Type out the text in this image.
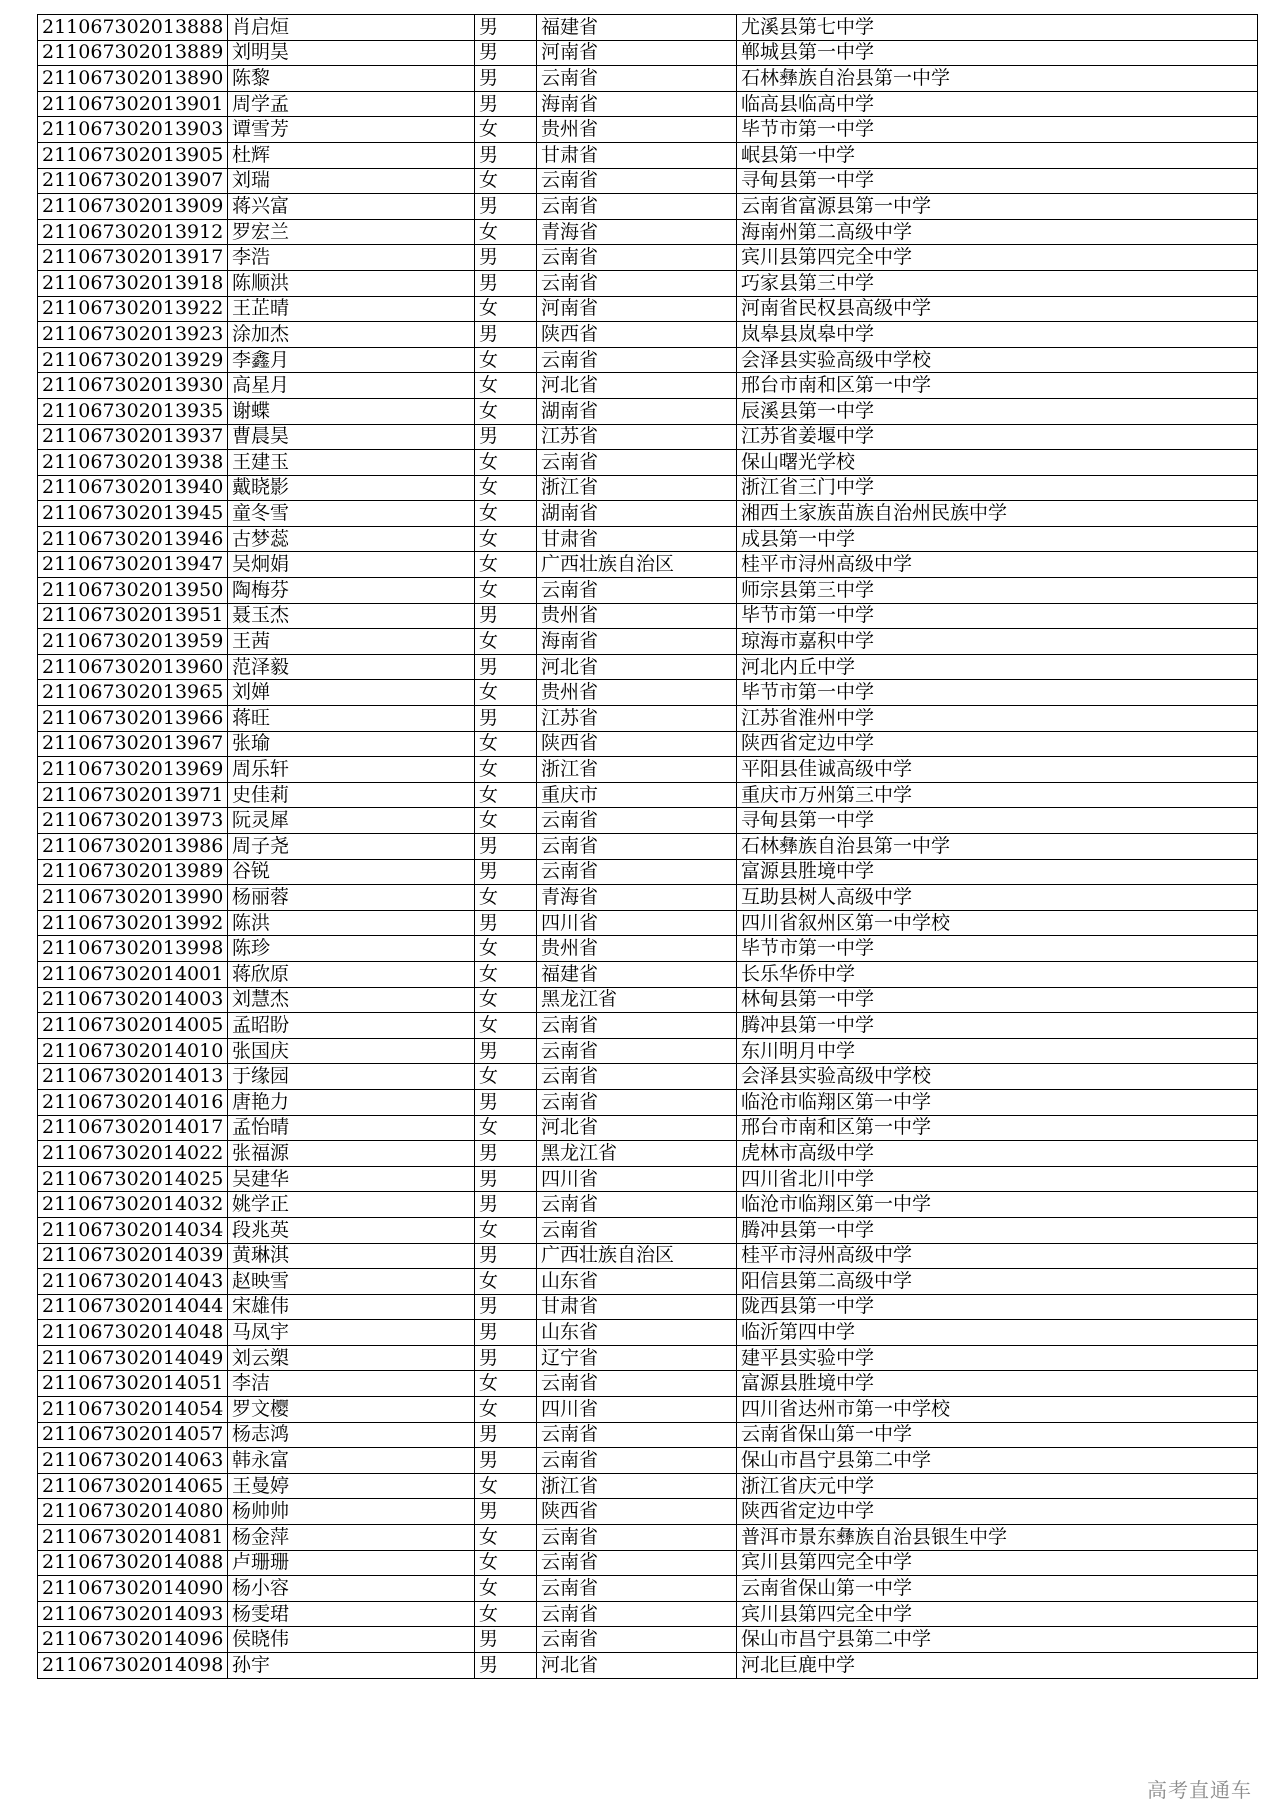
211067302013888	肖启烜	男	福建省	尤溪县第七中学
211067302013889	刘明昊	男	河南省	郸城县第一中学
211067302013890	陈黎	男	云南省	石林彝族自治县第一中学
211067302013901	周学孟	男	海南省	临高县临高中学
211067302013903	谭雪芳	女	贵州省	毕节市第一中学
211067302013905	杜辉	男	甘肃省	岷县第一中学
211067302013907	刘瑞	女	云南省	寻甸县第一中学
211067302013909	蒋兴富	男	云南省	云南省富源县第一中学
211067302013912	罗宏兰	女	青海省	海南州第二高级中学
211067302013917	李浩	男	云南省	宾川县第四完全中学
211067302013918	陈顺洪	男	云南省	巧家县第三中学
211067302013922	王芷晴	女	河南省	河南省民权县高级中学
211067302013923	涂加杰	男	陕西省	岚皋县岚皋中学
211067302013929	李鑫月	女	云南省	会泽县实验高级中学校
211067302013930	高星月	女	河北省	邢台市南和区第一中学
211067302013935	谢蝶	女	湖南省	辰溪县第一中学
211067302013937	曹晨昊	男	江苏省	江苏省姜堰中学
211067302013938	王建玉	女	云南省	保山曙光学校
211067302013940	戴晓影	女	浙江省	浙江省三门中学
211067302013945	童冬雪	女	湖南省	湘西土家族苗族自治州民族中学
211067302013946	古梦蕊	女	甘肃省	成县第一中学
211067302013947	吴炯娟	女	广西壮族自治区	桂平市浔州高级中学
211067302013950	陶梅芬	女	云南省	师宗县第三中学
211067302013951	聂玉杰	男	贵州省	毕节市第一中学
211067302013959	王茜	女	海南省	琼海市嘉积中学
211067302013960	范泽毅	男	河北省	河北内丘中学
211067302013965	刘婵	女	贵州省	毕节市第一中学
211067302013966	蒋旺	男	江苏省	江苏省淮州中学
211067302013967	张瑜	女	陕西省	陕西省定边中学
211067302013969	周乐轩	女	浙江省	平阳县佳诚高级中学
211067302013971	史佳莉	女	重庆市	重庆市万州第三中学
211067302013973	阮灵犀	女	云南省	寻甸县第一中学
211067302013986	周子尧	男	云南省	石林彝族自治县第一中学
211067302013989	谷锐	男	云南省	富源县胜境中学
211067302013990	杨丽蓉	女	青海省	互助县树人高级中学
211067302013992	陈洪	男	四川省	四川省叙州区第一中学校
211067302013998	陈珍	女	贵州省	毕节市第一中学
211067302014001	蒋欣原	女	福建省	长乐华侨中学
211067302014003	刘慧杰	女	黑龙江省	林甸县第一中学
211067302014005	孟昭盼	女	云南省	腾冲县第一中学
211067302014010	张国庆	男	云南省	东川明月中学
211067302014013	于缘园	女	云南省	会泽县实验高级中学校
211067302014016	唐艳力	男	云南省	临沧市临翔区第一中学
211067302014017	孟怡晴	女	河北省	邢台市南和区第一中学
211067302014022	张福源	男	黑龙江省	虎林市高级中学
211067302014025	吴建华	男	四川省	四川省北川中学
211067302014032	姚学正	男	云南省	临沧市临翔区第一中学
211067302014034	段兆英	女	云南省	腾冲县第一中学
211067302014039	黄琳淇	男	广西壮族自治区	桂平市浔州高级中学
211067302014043	赵映雪	女	山东省	阳信县第二高级中学
211067302014044	宋雄伟	男	甘肃省	陇西县第一中学
211067302014048	马凤宇	男	山东省	临沂第四中学
211067302014049	刘云槊	男	辽宁省	建平县实验中学
211067302014051	李洁	女	云南省	富源县胜境中学
211067302014054	罗文樱	女	四川省	四川省达州市第一中学校
211067302014057	杨志鸿	男	云南省	云南省保山第一中学
211067302014063	韩永富	男	云南省	保山市昌宁县第二中学
211067302014065	王曼婷	女	浙江省	浙江省庆元中学
211067302014080	杨帅帅	男	陕西省	陕西省定边中学
211067302014081	杨金萍	女	云南省	普洱市景东彝族自治县银生中学
211067302014088	卢珊珊	女	云南省	宾川县第四完全中学
211067302014090	杨小容	女	云南省	云南省保山第一中学
211067302014093	杨雯珺	女	云南省	宾川县第四完全中学
211067302014096	侯晓伟	男	云南省	保山市昌宁县第二中学
211067302014098	孙宇	男	河北省	河北巨鹿中学
高考直通车
